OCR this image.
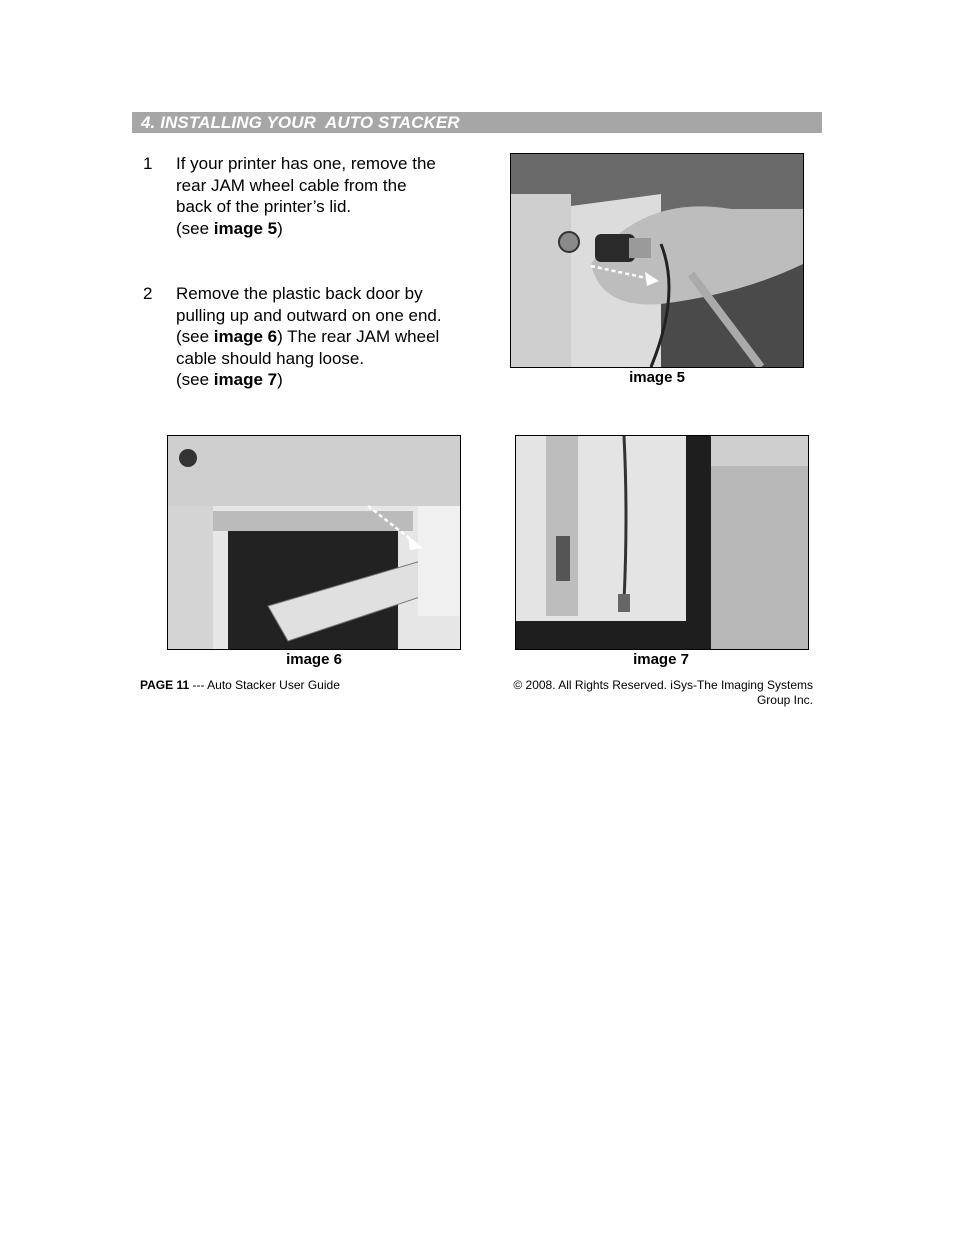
4. INSTALLING YOUR  AUTO STACKER
1 If your printer has one, remove the
rear JAM wheel cable from the
back of the printer’s lid.
(see image 5)
2 Remove the plastic back door by
pulling up and outward on one end.
(see image 6) The rear JAM wheel
cable should hang loose.
(see image 7)	image 5
image 6	image 7
PAGE 11 --- Auto Stacker User Guide	© 2008. All Rights Reserved. iSys-The Imaging Systems
Group Inc.
